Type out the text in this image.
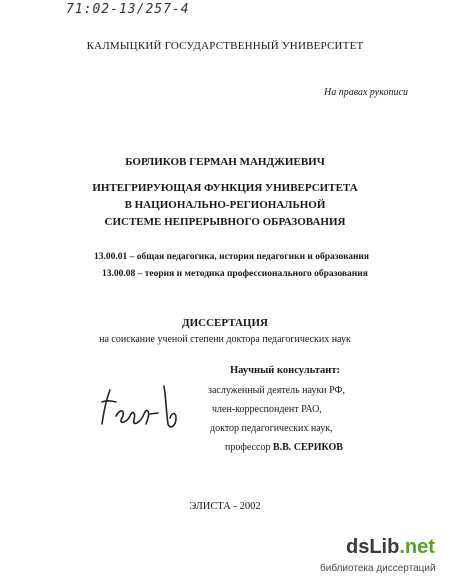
71:02-13/257-4
КАЛМЫЦКИЙ ГОСУДАРСТВЕННЫЙ УНИВЕРСИТЕТ
На правах рукописи
БОРЛИКОВ ГЕРМАН МАНДЖИЕВИЧ
ИНТЕГРИРУЮЩАЯ ФУНКЦИЯ УНИВЕРСИТЕТА
В НАЦИОНАЛЬНО-РЕГИОНАЛЬНОЙ
СИСТЕМЕ НЕПРЕРЫВНОГО ОБРАЗОВАНИЯ
13.00.01 – общая педагогика, история педагогики и образования
13.00.08 – теория и методика профессионального образования
ДИССЕРТАЦИЯ
на соискание ученой степени доктора педагогических наук
Научный консультант:
заслуженный деятель науки РФ,
член-корреспондент РАО,
доктор педагогических наук,
профессор В.В. СЕРИКОВ
ЭЛИСТА - 2002
dsLib.net
библиотека диссертаций
